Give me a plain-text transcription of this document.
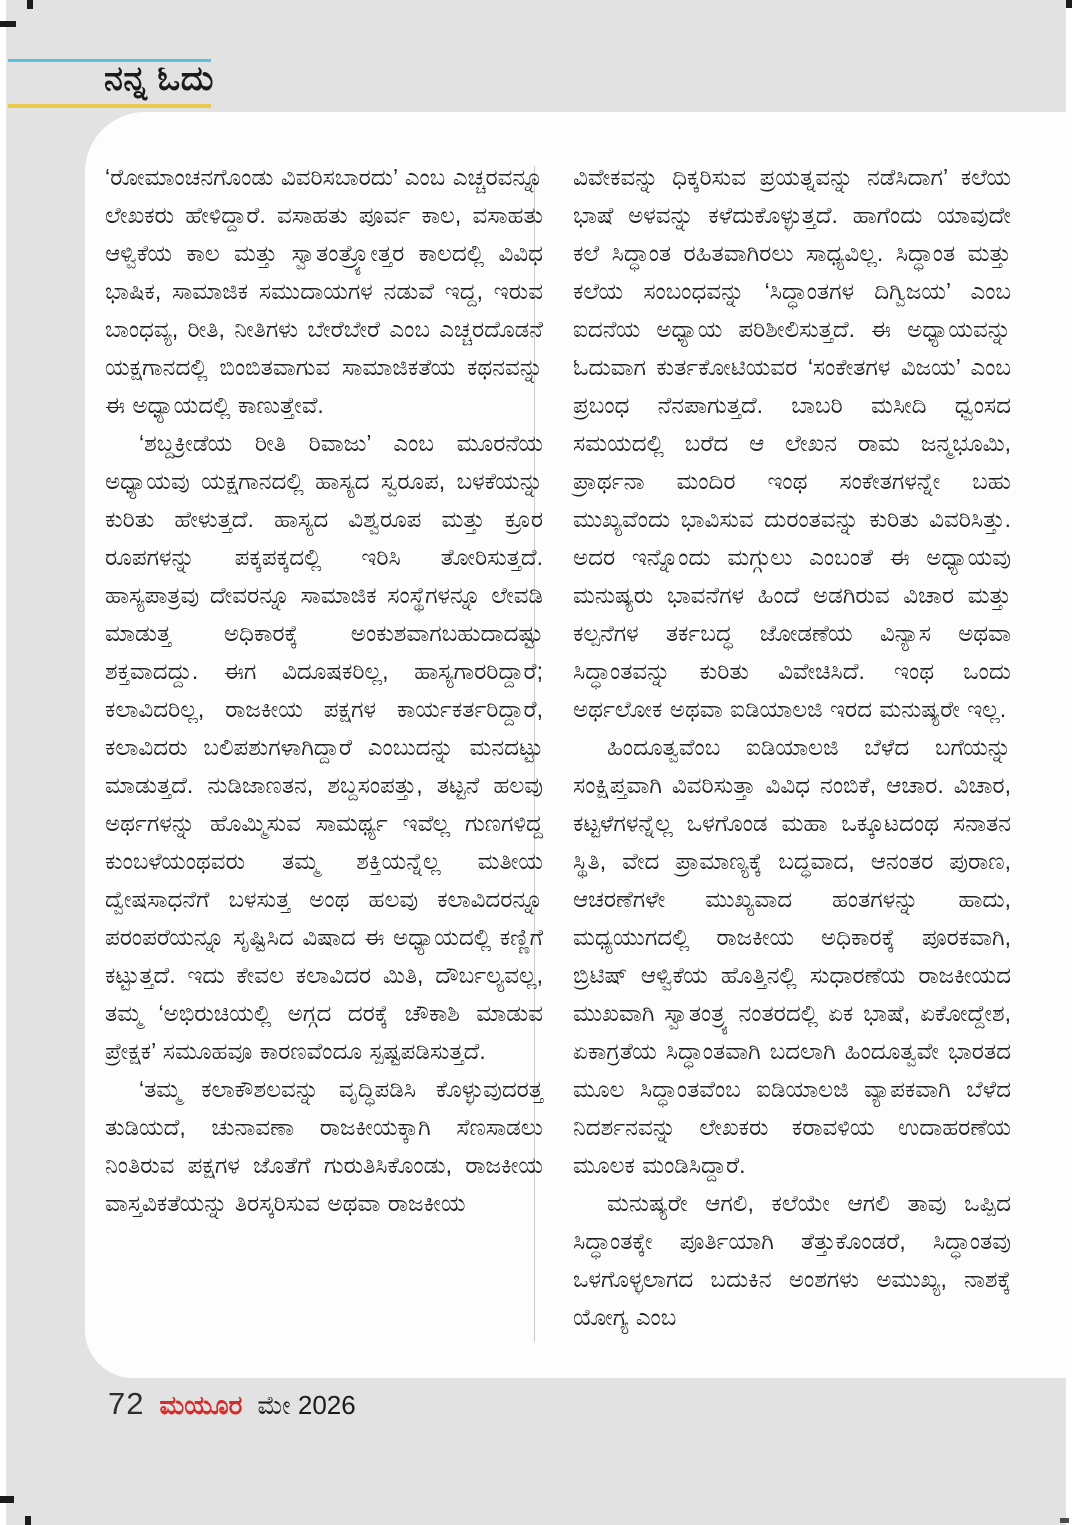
ನನ್ನ ಓದು

‘ರೋಮಾಂಚನಗೊಂಡು ವಿವರಿಸಬಾರದು’ ಎಂಬ ಎಚ್ಚರವನ್ನೂ ಲೇಖಕರು ಹೇಳಿದ್ದಾರೆ. ವಸಾಹತು ಪೂರ್ವ ಕಾಲ, ವಸಾಹತು ಆಳ್ವಿಕೆಯ ಕಾಲ ಮತ್ತು ಸ್ವಾತಂತ್ರ್ಯೋತ್ತರ ಕಾಲದಲ್ಲಿ ವಿವಿಧ ಭಾಷಿಕ, ಸಾಮಾಜಿಕ ಸಮುದಾಯಗಳ ನಡುವೆ ಇದ್ದ, ಇರುವ ಬಾಂಧವ್ಯ, ರೀತಿ, ನೀತಿಗಳು ಬೇರೆಬೇರೆ ಎಂಬ ಎಚ್ಚರದೊಡನೆ ಯಕ್ಷಗಾನದಲ್ಲಿ ಬಿಂಬಿತವಾಗುವ ಸಾಮಾಜಿಕತೆಯ ಕಥನವನ್ನು ಈ ಅಧ್ಯಾಯದಲ್ಲಿ ಕಾಣುತ್ತೇವೆ.

‘ಶಬ್ದಕ್ರೀಡೆಯ ರೀತಿ ರಿವಾಜು’ ಎಂಬ ಮೂರನೆಯ ಅಧ್ಯಾಯವು ಯಕ್ಷಗಾನದಲ್ಲಿ ಹಾಸ್ಯದ ಸ್ವರೂಪ, ಬಳಕೆಯನ್ನು ಕುರಿತು ಹೇಳುತ್ತದೆ. ಹಾಸ್ಯದ ವಿಶ್ವರೂಪ ಮತ್ತು ಕ್ರೂರ ರೂಪಗಳನ್ನು ಪಕ್ಕಪಕ್ಕದಲ್ಲಿ ಇರಿಸಿ ತೋರಿಸುತ್ತದೆ. ಹಾಸ್ಯಪಾತ್ರವು ದೇವರನ್ನೂ ಸಾಮಾಜಿಕ ಸಂಸ್ಥೆಗಳನ್ನೂ ಲೇವಡಿ ಮಾಡುತ್ತ ಅಧಿಕಾರಕ್ಕೆ ಅಂಕುಶವಾಗಬಹುದಾದಷ್ಟು ಶಕ್ತವಾದದ್ದು. ಈಗ ವಿದೂಷಕರಿಲ್ಲ, ಹಾಸ್ಯಗಾರರಿದ್ದಾರೆ; ಕಲಾವಿದರಿಲ್ಲ, ರಾಜಕೀಯ ಪಕ್ಷಗಳ ಕಾರ್ಯಕರ್ತರಿದ್ದಾರೆ, ಕಲಾವಿದರು ಬಲಿಪಶುಗಳಾಗಿದ್ದಾರೆ ಎಂಬುದನ್ನು ಮನದಟ್ಟು ಮಾಡುತ್ತದೆ. ನುಡಿಜಾಣತನ, ಶಬ್ದಸಂಪತ್ತು, ತಟ್ಟನೆ ಹಲವು ಅರ್ಥಗಳನ್ನು ಹೊಮ್ಮಿಸುವ ಸಾಮರ್ಥ್ಯ ಇವೆಲ್ಲ ಗುಣಗಳಿದ್ದ ಕುಂಬಳೆಯಂಥವರು ತಮ್ಮ ಶಕ್ತಿಯನ್ನೆಲ್ಲ ಮತೀಯ ದ್ವೇಷಸಾಧನೆಗೆ ಬಳಸುತ್ತ ಅಂಥ ಹಲವು ಕಲಾವಿದರನ್ನೂ ಪರಂಪರೆಯನ್ನೂ ಸೃಷ್ಟಿಸಿದ ವಿಷಾದ ಈ ಅಧ್ಯಾಯದಲ್ಲಿ ಕಣ್ಣಿಗೆ ಕಟ್ಟುತ್ತದೆ. ಇದು ಕೇವಲ ಕಲಾವಿದರ ಮಿತಿ, ದೌರ್ಬಲ್ಯವಲ್ಲ, ತಮ್ಮ ‘ಅಭಿರುಚಿಯಲ್ಲಿ ಅಗ್ಗದ ದರಕ್ಕೆ ಚೌಕಾಶಿ ಮಾಡುವ ಪ್ರೇಕ್ಷಕ’ ಸಮೂಹವೂ ಕಾರಣವೆಂದೂ ಸ್ಪಷ್ಟಪಡಿಸುತ್ತದೆ.

‘ತಮ್ಮ ಕಲಾಕೌಶಲವನ್ನು ವೃದ್ಧಿಪಡಿಸಿ ಕೊಳ್ಳುವುದರತ್ತ ತುಡಿಯದೆ, ಚುನಾವಣಾ ರಾಜಕೀಯಕ್ಕಾಗಿ ಸೆಣಸಾಡಲು ನಿಂತಿರುವ ಪಕ್ಷಗಳ ಜೊತೆಗೆ ಗುರುತಿಸಿಕೊಂಡು, ರಾಜಕೀಯ ವಾಸ್ತವಿಕತೆಯನ್ನು ತಿರಸ್ಕರಿಸುವ ಅಥವಾ ರಾಜಕೀಯ

ವಿವೇಕವನ್ನು ಧಿಕ್ಕರಿಸುವ ಪ್ರಯತ್ನವನ್ನು ನಡೆಸಿದಾಗ’ ಕಲೆಯ ಭಾಷೆ ಅಳವನ್ನು ಕಳೆದುಕೊಳ್ಳುತ್ತದೆ. ಹಾಗೆಂದು ಯಾವುದೇ ಕಲೆ ಸಿದ್ಧಾಂತ ರಹಿತವಾಗಿರಲು ಸಾಧ್ಯವಿಲ್ಲ. ಸಿದ್ಧಾಂತ ಮತ್ತು ಕಲೆಯ ಸಂಬಂಧವನ್ನು ‘ಸಿದ್ಧಾಂತಗಳ ದಿಗ್ವಿಜಯ’ ಎಂಬ ಐದನೆಯ ಅಧ್ಯಾಯ ಪರಿಶೀಲಿಸುತ್ತದೆ. ಈ ಅಧ್ಯಾಯವನ್ನು ಓದುವಾಗ ಕುರ್ತಕೋಟಿಯವರ ‘ಸಂಕೇತಗಳ ವಿಜಯ’ ಎಂಬ ಪ್ರಬಂಧ ನೆನಪಾಗುತ್ತದೆ. ಬಾಬರಿ ಮಸೀದಿ ಧ್ವಂಸದ ಸಮಯದಲ್ಲಿ ಬರೆದ ಆ ಲೇಖನ ರಾಮ ಜನ್ಮಭೂಮಿ, ಪ್ರಾರ್ಥನಾ ಮಂದಿರ ಇಂಥ ಸಂಕೇತಗಳನ್ನೇ ಬಹು ಮುಖ್ಯವೆಂದು ಭಾವಿಸುವ ದುರಂತವನ್ನು ಕುರಿತು ವಿವರಿಸಿತ್ತು. ಅದರ ಇನ್ನೊಂದು ಮಗ್ಗುಲು ಎಂಬಂತೆ ಈ ಅಧ್ಯಾಯವು ಮನುಷ್ಯರು ಭಾವನೆಗಳ ಹಿಂದೆ ಅಡಗಿರುವ ವಿಚಾರ ಮತ್ತು ಕಲ್ಪನೆಗಳ ತರ್ಕಬದ್ಧ ಜೋಡಣೆಯ ವಿನ್ಯಾಸ ಅಥವಾ ಸಿದ್ಧಾಂತವನ್ನು ಕುರಿತು ವಿವೇಚಿಸಿದೆ. ಇಂಥ ಒಂದು ಅರ್ಥಲೋಕ ಅಥವಾ ಐಡಿಯಾಲಜಿ ಇರದ ಮನುಷ್ಯರೇ ಇಲ್ಲ.

ಹಿಂದೂತ್ವವೆಂಬ ಐಡಿಯಾಲಜಿ ಬೆಳೆದ ಬಗೆಯನ್ನು ಸಂಕ್ಷಿಪ್ತವಾಗಿ ವಿವರಿಸುತ್ತಾ ವಿವಿಧ ನಂಬಿಕೆ, ಆಚಾರ. ವಿಚಾರ, ಕಟ್ಟಳೆಗಳನ್ನೆಲ್ಲ ಒಳಗೊಂಡ ಮಹಾ ಒಕ್ಕೂಟದಂಥ ಸನಾತನ ಸ್ಥಿತಿ, ವೇದ ಪ್ರಾಮಾಣ್ಯಕ್ಕೆ ಬದ್ಧವಾದ, ಆನಂತರ ಪುರಾಣ, ಆಚರಣೆಗಳೇ ಮುಖ್ಯವಾದ ಹಂತಗಳನ್ನು ಹಾದು, ಮಧ್ಯಯುಗದಲ್ಲಿ ರಾಜಕೀಯ ಅಧಿಕಾರಕ್ಕೆ ಪೂರಕವಾಗಿ, ಬ್ರಿಟಿಷ್ ಆಳ್ವಿಕೆಯ ಹೊತ್ತಿನಲ್ಲಿ ಸುಧಾರಣೆಯ ರಾಜಕೀಯದ ಮುಖವಾಗಿ ಸ್ವಾತಂತ್ರ್ಯ ನಂತರದಲ್ಲಿ ಏಕ ಭಾಷೆ, ಏಕೋದ್ದೇಶ, ಏಕಾಗ್ರತೆಯ ಸಿದ್ಧಾಂತವಾಗಿ ಬದಲಾಗಿ ಹಿಂದೂತ್ವವೇ ಭಾರತದ ಮೂಲ ಸಿದ್ಧಾಂತವೆಂಬ ಐಡಿಯಾಲಜಿ ವ್ಯಾಪಕವಾಗಿ ಬೆಳೆದ ನಿದರ್ಶನವನ್ನು ಲೇಖಕರು ಕರಾವಳಿಯ ಉದಾಹರಣೆಯ ಮೂಲಕ ಮಂಡಿಸಿದ್ದಾರೆ.

ಮನುಷ್ಯರೇ ಆಗಲಿ, ಕಲೆಯೇ ಆಗಲಿ ತಾವು ಒಪ್ಪಿದ ಸಿದ್ಧಾಂತಕ್ಕೇ ಪೂರ್ತಿಯಾಗಿ ತೆತ್ತುಕೊಂಡರೆ, ಸಿದ್ಧಾಂತವು ಒಳಗೊಳ್ಳಲಾಗದ ಬದುಕಿನ ಅಂಶಗಳು ಅಮುಖ್ಯ, ನಾಶಕ್ಕೆ ಯೋಗ್ಯ ಎಂಬ

72 ಮಯೂರ ಮೇ 2026
